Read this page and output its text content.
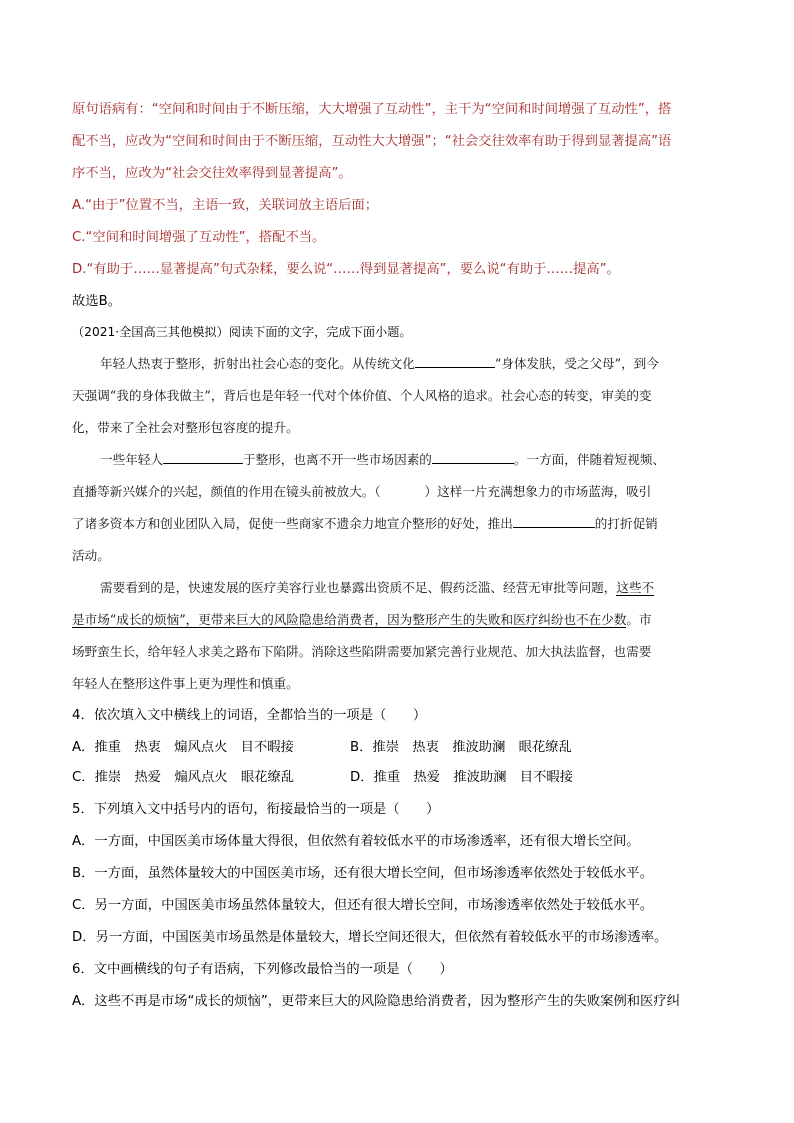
原句语病有：“空间和时间由于不断压缩，大大增强了互动性”，主干为“空间和时间增强了互动性”，搭
配不当，应改为“空间和时间由于不断压缩，互动性大大增强”；“社会交往效率有助于得到显著提高”语
序不当，应改为“社会交往效率得到显著提高”。
A.“由于”位置不当，主语一致，关联词放主语后面；
C.“空间和时间增强了互动性”，搭配不当。
D.“有助于……显著提高”句式杂糅，要么说“……得到显著提高”，要么说“有助于……提高”。
故选B。
（2021·全国高三其他模拟）阅读下面的文字，完成下面小题。
年轻人热衷于整形，折射出社会心态的变化。从传统文化	“身体发肤，受之父母”，到今
天强调“我的身体我做主”，背后也是年轻一代对个体价值、个人风格的追求。社会心态的转变，审美的变
化，带来了全社会对整形包容度的提升。
一些年轻人	于整形，也离不开一些市场因素的	。一方面，伴随着短视频、
直播等新兴媒介的兴起，颜值的作用在镜头前被放大。（	）这样一片充满想象力的市场蓝海，吸引
了诸多资本方和创业团队入局，促使一些商家不遗余力地宣介整形的好处，推出	的打折促销
活动。
需要看到的是，快速发展的医疗美容行业也暴露出资质不足、假药泛滥、经营无审批等问题，这些不
是市场“成长的烦恼”，更带来巨大的风险隐患给消费者，因为整形产生的失败和医疗纠纷也不在少数。市
场野蛮生长，给年轻人求美之路布下陷阱。消除这些陷阱需要加紧完善行业规范、加大执法监督，也需要
年轻人在整形这件事上更为理性和慎重。
4．依次填入文中横线上的词语，全都恰当的一项是（　　）
A．推重　热衷　煽风点火　目不暇接	B．推崇　热衷　推波助澜　眼花缭乱
C．推崇　热爱　煽风点火　眼花缭乱	D．推重　热爱　推波助澜　目不暇接
5．下列填入文中括号内的语句，衔接最恰当的一项是（　　）
A．一方面，中国医美市场体量大得很，但依然有着较低水平的市场渗透率，还有很大增长空间。
B．一方面，虽然体量较大的中国医美市场，还有很大增长空间，但市场渗透率依然处于较低水平。
C．另一方面，中国医美市场虽然体量较大，但还有很大增长空间，市场渗透率依然处于较低水平。
D．另一方面，中国医美市场虽然是体量较大，增长空间还很大，但依然有着较低水平的市场渗透率。
6．文中画横线的句子有语病，下列修改最恰当的一项是（　　）
A．这些不再是市场“成长的烦恼”，更带来巨大的风险隐患给消费者，因为整形产生的失败案例和医疗纠
